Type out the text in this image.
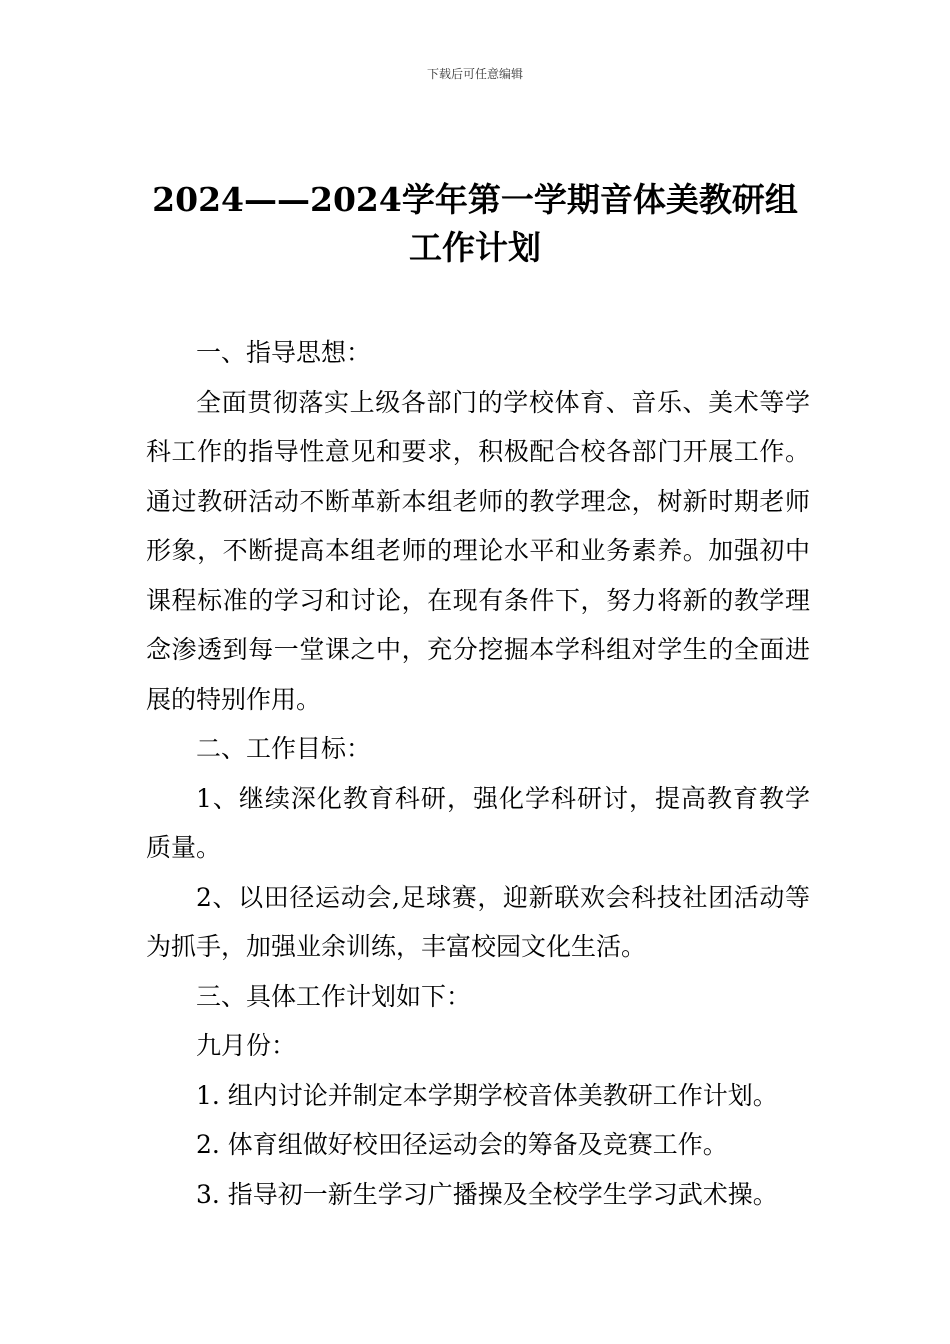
下载后可任意编辑
2024——2024学年第一学期音体美教研组
工作计划

一、指导思想：

全面贯彻落实上级各部门的学校体育、音乐、美术等学科工作的指导性意见和要求，积极配合校各部门开展工作。通过教研活动不断革新本组老师的教学理念，树新时期老师形象，不断提高本组老师的理论水平和业务素养。加强初中课程标准的学习和讨论，在现有条件下，努力将新的教学理念渗透到每一堂课之中，充分挖掘本学科组对学生的全面进展的特别作用。

二、工作目标：

1、继续深化教育科研，强化学科研讨，提高教育教学质量。

2、以田径运动会,足球赛，迎新联欢会科技社团活动等为抓手，加强业余训练，丰富校园文化生活。

三、具体工作计划如下：

九月份：

1. 组内讨论并制定本学期学校音体美教研工作计划。

2. 体育组做好校田径运动会的筹备及竞赛工作。

3. 指导初一新生学习广播操及全校学生学习武术操。
